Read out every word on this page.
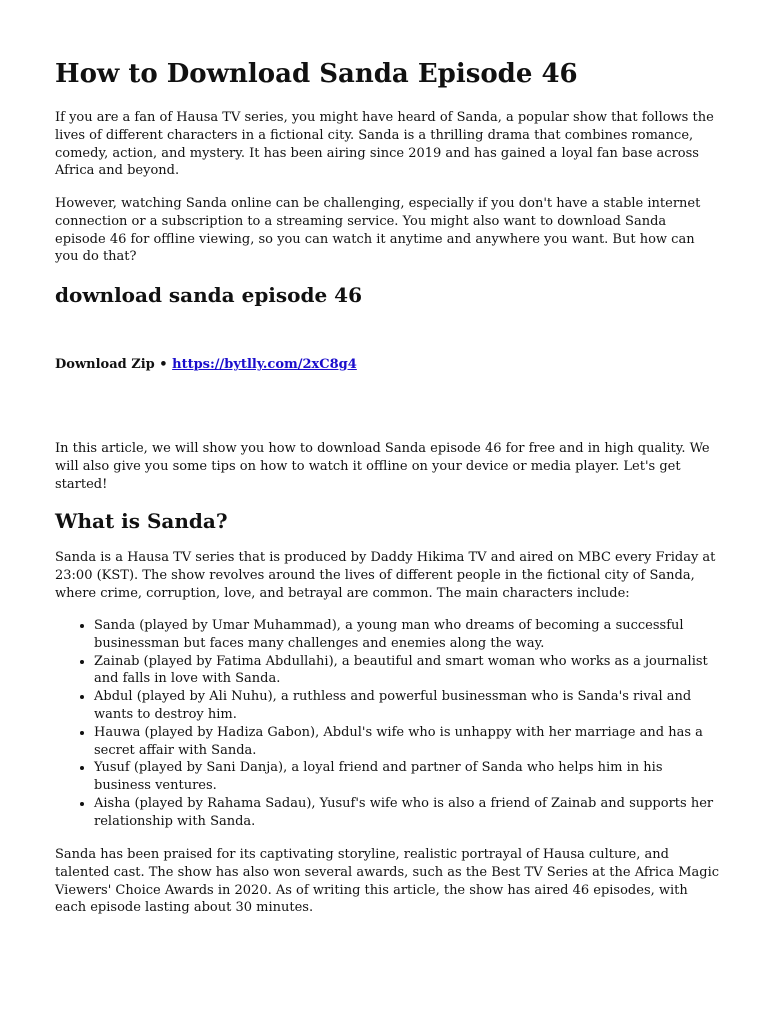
How to Download Sanda Episode 46

If you are a fan of Hausa TV series, you might have heard of Sanda, a popular show that follows the lives of different characters in a fictional city. Sanda is a thrilling drama that combines romance, comedy, action, and mystery. It has been airing since 2019 and has gained a loyal fan base across Africa and beyond.

However, watching Sanda online can be challenging, especially if you don't have a stable internet connection or a subscription to a streaming service. You might also want to download Sanda episode 46 for offline viewing, so you can watch it anytime and anywhere you want. But how can you do that?

download sanda episode 46
Download Zip • https://bytlly.com/2xC8g4

In this article, we will show you how to download Sanda episode 46 for free and in high quality. We will also give you some tips on how to watch it offline on your device or media player. Let's get started!

What is Sanda?

Sanda is a Hausa TV series that is produced by Daddy Hikima TV and aired on MBC every Friday at 23:00 (KST). The show revolves around the lives of different people in the fictional city of Sanda, where crime, corruption, love, and betrayal are common. The main characters include:

• Sanda (played by Umar Muhammad), a young man who dreams of becoming a successful businessman but faces many challenges and enemies along the way.
• Zainab (played by Fatima Abdullahi), a beautiful and smart woman who works as a journalist and falls in love with Sanda.
• Abdul (played by Ali Nuhu), a ruthless and powerful businessman who is Sanda's rival and wants to destroy him.
• Hauwa (played by Hadiza Gabon), Abdul's wife who is unhappy with her marriage and has a secret affair with Sanda.
• Yusuf (played by Sani Danja), a loyal friend and partner of Sanda who helps him in his business ventures.
• Aisha (played by Rahama Sadau), Yusuf's wife who is also a friend of Zainab and supports her relationship with Sanda.

Sanda has been praised for its captivating storyline, realistic portrayal of Hausa culture, and talented cast. The show has also won several awards, such as the Best TV Series at the Africa Magic Viewers' Choice Awards in 2020. As of writing this article, the show has aired 46 episodes, with each episode lasting about 30 minutes.
